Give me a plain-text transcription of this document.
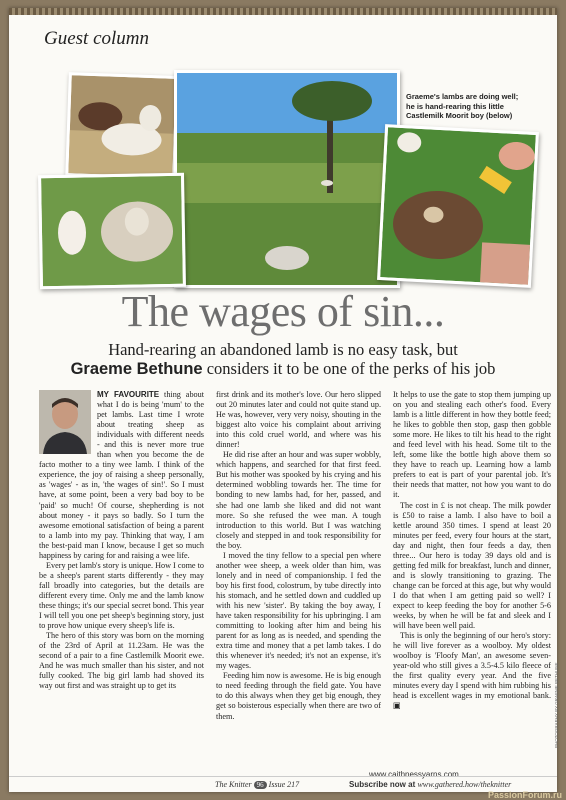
Guest column
Graeme's lambs are doing well; he is hand-rearing this little Castlemilk Moorit boy (below)
The wages of sin...
Hand-rearing an abandoned lamb is no easy task, but
Graeme Bethune considers it to be one of the perks of his job

MY FAVOURITE thing about what I do is being 'mum' to the pet lambs. Last time I wrote about treating sheep as individuals with different needs - and this is never more true than when you become the de facto mother to a tiny wee lamb. I think of the experience, the joy of raising a sheep personally, as 'wages' - as in, 'the wages of sin!'. So I must have, at some point, been a very bad boy to be 'paid' so much! Of course, shepherding is not about money - it pays so badly. So I turn the awesome emotional satisfaction of being a parent to a lamb into my pay. Thinking that way, I am the best-paid man I know, because I get so much happiness by caring for and raising a wee life.

Every pet lamb's story is unique. How I come to be a sheep's parent starts differently - they may fall broadly into categories, but the details are different every time. Only me and the lamb know these things; it's our special secret bond. This year I will tell you one pet sheep's beginning story, just to prove how unique every sheep's life is.

The hero of this story was born on the morning of the 23rd of April at 11.23am. He was the second of a pair to a fine Castlemilk Moorit ewe. And he was much smaller than his sister, and not fully cooked. The big girl lamb had shoved its way out first and was straight up to get its

first drink and its mother's love. Our hero slipped out 20 minutes later and could not quite stand up. He was, however, very very noisy, shouting in the biggest alto voice his complaint about arriving into this cold cruel world, and where was his dinner!

He did rise after an hour and was super wobbly, which happens, and searched for that first feed. But his mother was spooked by his crying and his determined wobbling towards her. The time for bonding to new lambs had, for her, passed, and she had one lamb she liked and did not want more. So she refused the wee man. A tough introduction to this world. But I was watching closely and stepped in and took responsibility for the boy.

I moved the tiny fellow to a special pen where another wee sheep, a week older than him, was lonely and in need of companionship. I fed the boy his first food, colostrum, by tube directly into his stomach, and he settled down and cuddled up with his new 'sister'. By taking the boy away, I have taken responsibility for his upbringing. I am committing to looking after him and being his parent for as long as is needed, and spending the extra time and money that a pet lamb takes. I do this whenever it's needed; it's not an expense, it's my wages.

Feeding him now is awesome. He is big enough to need feeding through the field gate. You have to do this always when they get big enough, they get so boisterous especially when there are two of them.

It helps to use the gate to stop them jumping up on you and stealing each other's food. Every lamb is a little different in how they bottle feed; he likes to gobble then stop, gasp then gobble some more. He likes to tilt his head to the right and feed level with his head. Some tilt to the left, some like the bottle high above them so they have to reach up. Learning how a lamb prefers to eat is part of your parental job. It's their needs that matter, not how you want to do it.

The cost in £ is not cheap. The milk powder is £50 to raise a lamb. I also have to boil a kettle around 350 times. I spend at least 20 minutes per feed, every four hours at the start, day and night, then four feeds a day, then three... Our hero is today 39 days old and is getting fed milk for breakfast, lunch and dinner, and is slowly transitioning to grazing. The change can be forced at this age, but why would I do that when I am getting paid so well? I expect to keep feeding the boy for another 5-6 weeks, by when he will be fat and sleek and I will have been well paid.

This is only the beginning of our hero's story: he will live forever as a woolboy. My oldest woolboy is 'Floofy Man', an awesome seven-year-old who still gives a 3.5-4.5 kilo fleece of the first quality every year. And the five minutes every day I spend with him rubbing his head is excellent wages in my emotional bank. ▣

www.caithnessyarns.com
PHOTOGRAPHY BY GRAEME BETHUNE
The Knitter 96 Issue 217	Subscribe now at www.gathered.how/theknitter
PassionForum.ru
